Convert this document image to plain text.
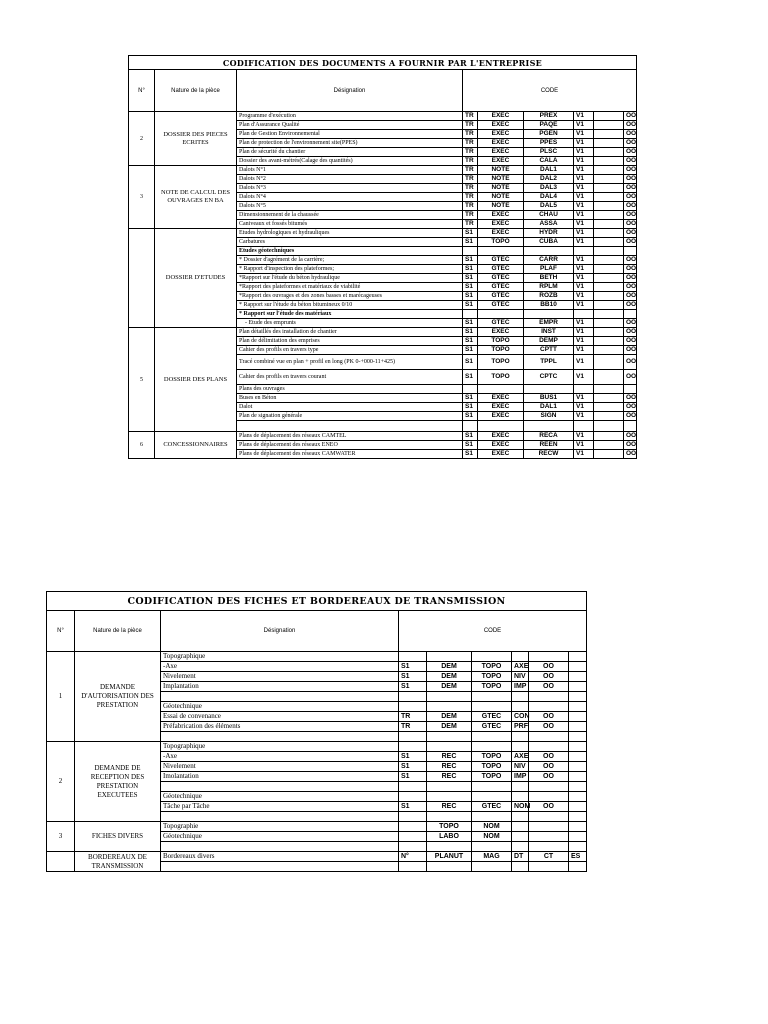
CODIFICATION DES DOCUMENTS A FOURNIR PAR L'ENTREPRISE								
N°	Nature de la pièce	Désignation	CODE					
2	DOSSIER DES PIECES ECRITES	Programme d'exécution	TR	EXEC	PREX	V1		OO
		Plan d'Assurance Qualité	TR	EXEC	PAQE	V1		OO
		Plan de Gestion Environnemental	TR	EXEC	PGEN	V1		OO
		Plan de protection de l'environnement site(PPES)	TR	EXEC	PPES	V1		OO
		Plan de sécurité du chantier	TR	EXEC	PLSC	V1		OO
		Dossier des avant-métrés(Calage des quantités)	TR	EXEC	CALA	V1		OO
3	NOTE DE CALCUL DES OUVRAGES EN BA	Dalots N°1	TR	NOTE	DAL1	V1		OO
		Dalots N°2	TR	NOTE	DAL2	V1		OO
		Dalots N°3	TR	NOTE	DAL3	V1		OO
		Dalots N°4	TR	NOTE	DAL4	V1		OO
		Dalots N°5	TR	NOTE	DAL5	V1		OO
		Dimensionnement de la chaussée	TR	EXEC	CHAU	V1		OO
		Caniveaux et fossés bitumés	TR	EXEC	ASSA	V1		OO
	DOSSIER D'ETUDES	Etudes hydrologiques et hydrauliques	S1	EXEC	HYDR	V1		OO
		Carbatures	S1	TOPO	CUBA	V1		OO
		Etudes géotechniques						
		* Dossier d'agrément de la carrière;	S1	GTEC	CARR	V1		OO
		* Rapport d'inspection des plateformes;	S1	GTEC	PLAF	V1		OO
		*Rapport sur l'étude du béton hydraulique	S1	GTEC	BETH	V1		OO
		*Rapport des plateformes et matériaux de viabilité	S1	GTEC	RPLM	V1		OO
		*Rapport des ouvrages et des zones basses et marécageuses	S1	GTEC	ROZB	V1		OO
		* Rapport sur l'étude du béton bitumineux 0/10	S1	GTEC	BB10	V1		OO
		* Rapport sur l'étude des matériaux						
		- Etude des emprunts	S1	GTEC	EMPR	V1		OO
5	DOSSIER DES PLANS	Plan détaillés des installation de chantier	S1	EXEC	INST	V1		OO
		Plan de délimitation des emprises	S1	TOPO	DEMP	V1		OO
		Cahier des profils en travers type	S1	TOPO	CPTT	V1		OO
		Tracé combiné vue en plan + profil en long (PK 0-+000-11+425)	S1	TOPO	TPPL	V1		OO
		Cahier des profils en travers courant	S1	TOPO	CPTC	V1		OO
		Plans des ouvrages						
		Buses en Béton	S1	EXEC	BUS1	V1		OO
		Dalot	S1	EXEC	DAL1	V1		OO
		Plan de signation générale	S1	EXEC	SIGN	V1		OO

6	CONCESSIONNAIRES	Plans de déplacement des réseaux CAMTEL	S1	EXEC	RECA	V1		OO
		Plans de déplacement des réseaux ENEO	S1	EXEC	REEN	V1		OO
		Plans de déplacement des réseaux CAMWATER	S1	EXEC	RECW	V1		OO
CODIFICATION DES FICHES ET BORDEREAUX DE TRANSMISSION								
N°	Nature de la pièce	Désignation	CODE					
1	DEMANDE D'AUTORISATION DES PRESTATION	Topographique						
		-Axe	S1	DEM	TOPO	AXE	OO	
		Nivelement	S1	DEM	TOPO	NIV	OO	
		Implantation	S1	DEM	TOPO	IMP	OO	

		Géotechnique						
		Essai de convenance	TR	DEM	GTEC	CON	OO	
		Préfabrication des éléments	TR	DEM	GTEC	PRF	OO	

2	DEMANDE DE RECEPTION DES PRESTATION EXECUTEES	Topographique						
		-Axe	S1	REC	TOPO	AXE	OO	
		Nivelement	S1	REC	TOPO	NIV	OO	
		Imolantation	S1	REC	TOPO	IMP	OO	

		Géotechnique						
		Tâche par Tâche	S1	REC	GTEC	NOM	OO	

3	FICHES DIVERS	Topographie		TOPO	NOM			
		Géotechnique		LABO	NOM			

	BORDEREAUX DE TRANSMISSION	Bordereaux divers	N°	PLANUT	MAG	DT	CT	ES
